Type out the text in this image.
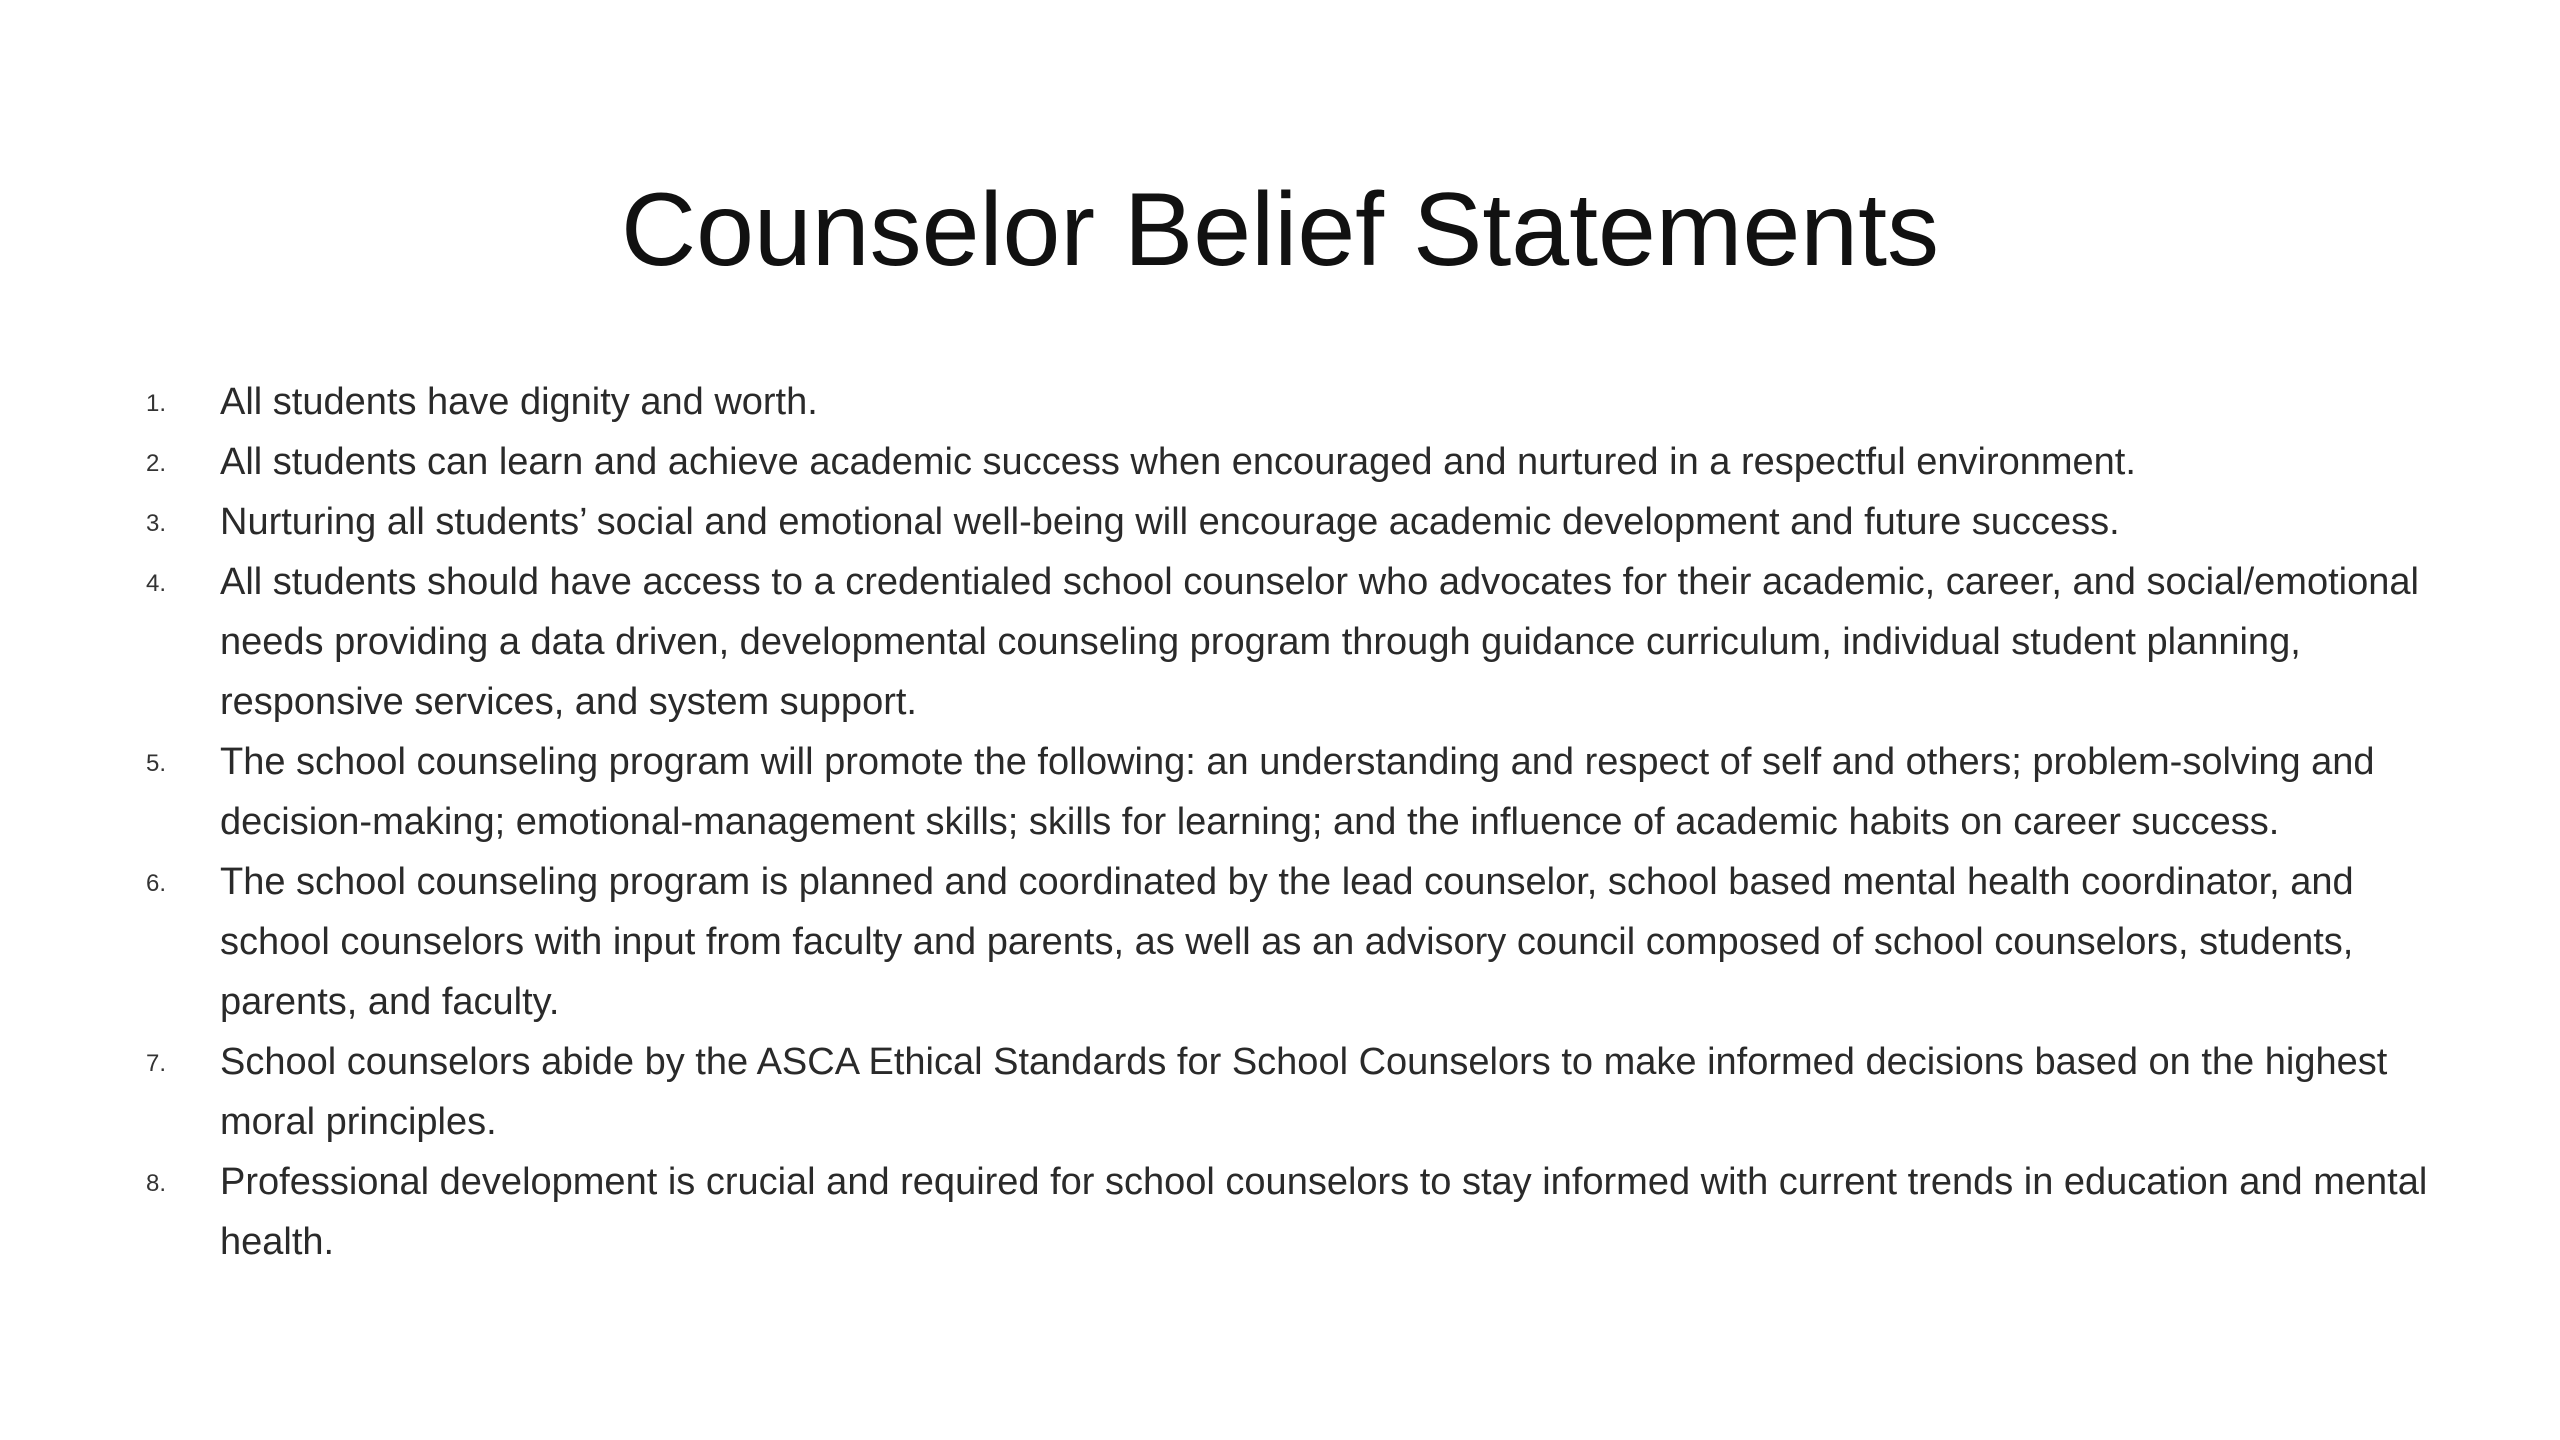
Counselor Belief Statements
1. All students have dignity and worth.
2. All students can learn and achieve academic success when encouraged and nurtured in a respectful environment.
3. Nurturing all students’ social and emotional well-being will encourage academic development and future success.
4. All students should have access to a credentialed school counselor who advocates for their academic, career, and social/emotional needs providing a data driven, developmental counseling program through guidance curriculum, individual student planning, responsive services, and system support.
5. The school counseling program will promote the following: an understanding and respect of self and others; problem-solving and decision-making; emotional-management skills; skills for learning; and the influence of academic habits on career success.
6. The school counseling program is planned and coordinated by the lead counselor, school based mental health coordinator, and school counselors with input from faculty and parents, as well as an advisory council composed of school counselors, students, parents, and faculty.
7. School counselors abide by the ASCA Ethical Standards for School Counselors to make informed decisions based on the highest moral principles.
8. Professional development is crucial and required for school counselors to stay informed with current trends in education and mental health.
